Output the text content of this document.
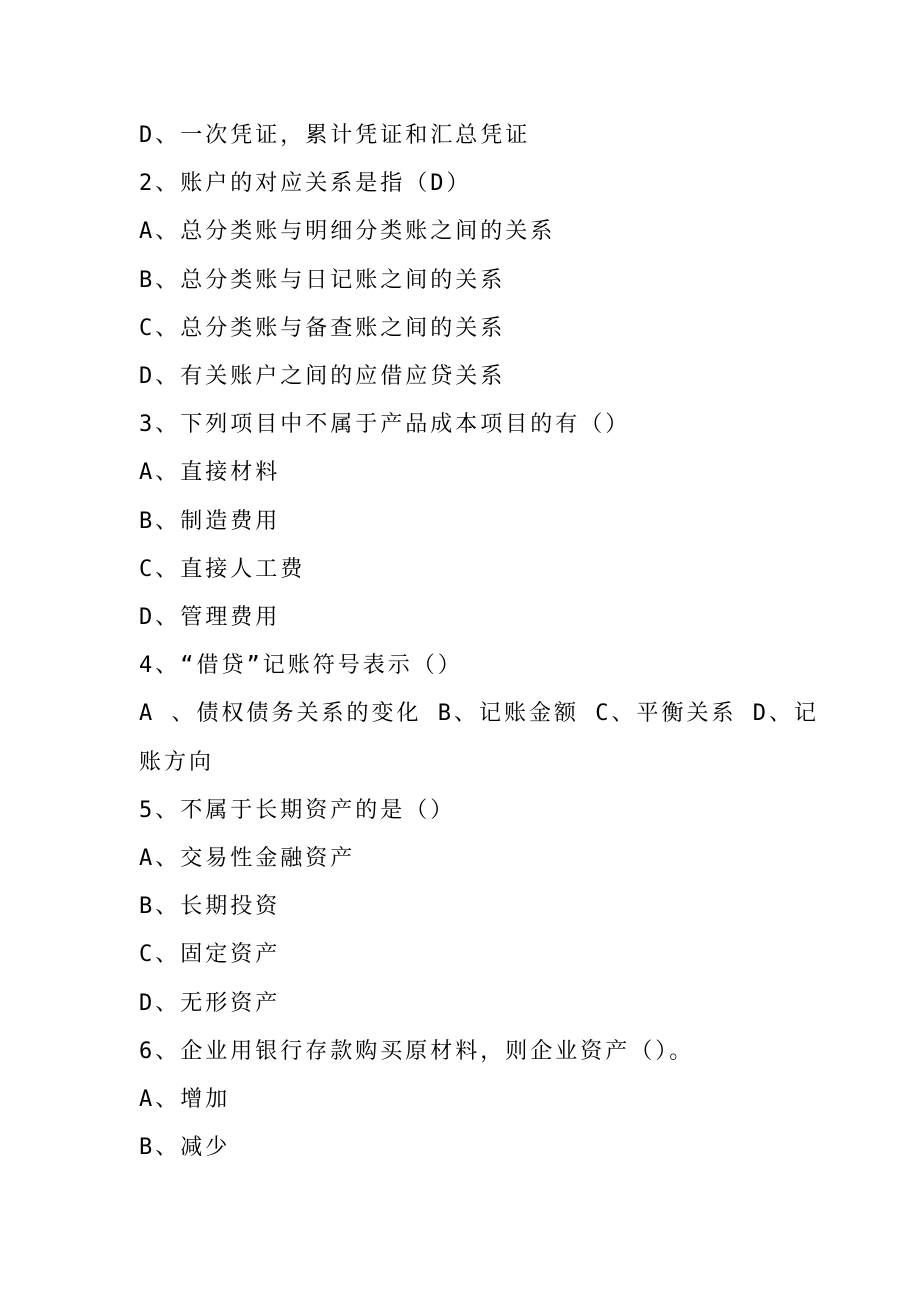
D、一次凭证，累计凭证和汇总凭证

2、账户的对应关系是指（D）

A、总分类账与明细分类账之间的关系

B、总分类账与日记账之间的关系

C、总分类账与备查账之间的关系

D、有关账户之间的应借应贷关系

3、下列项目中不属于产品成本项目的有（）

A、直接材料

B、制造费用

C、直接人工费

D、管理费用

4、“借贷”记账符号表示（）

A 、债权债务关系的变化 B、记账金额 C、平衡关系 D、记

账方向

5、不属于长期资产的是（）

A、交易性金融资产

B、长期投资

C、固定资产

D、无形资产

6、企业用银行存款购买原材料，则企业资产（）。

A、增加

B、减少
